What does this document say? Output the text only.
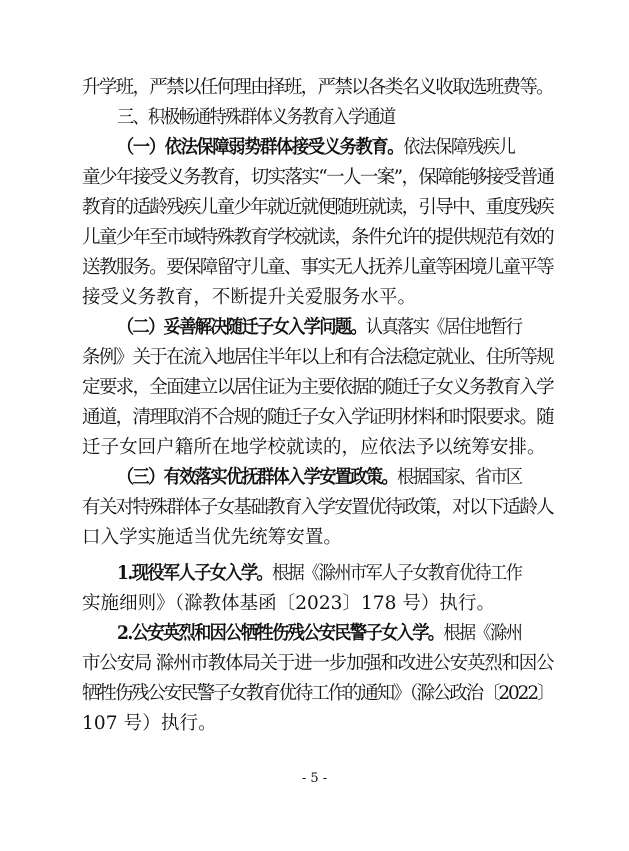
升学班，严禁以任何理由择班，严禁以各类名义收取选班费等。
三、积极畅通特殊群体义务教育入学通道
（一）依法保障弱势群体接受义务教育。依法保障残疾儿
童少年接受义务教育，切实落实“一人一案”，保障能够接受普通
教育的适龄残疾儿童少年就近就便随班就读，引导中、重度残疾
儿童少年至市域特殊教育学校就读，条件允许的提供规范有效的
送教服务。要保障留守儿童、事实无人抚养儿童等困境儿童平等
接受义务教育，不断提升关爱服务水平。
（二）妥善解决随迁子女入学问题。认真落实《居住地暂行
条例》关于在流入地居住半年以上和有合法稳定就业、住所等规
定要求，全面建立以居住证为主要依据的随迁子女义务教育入学
通道，清理取消不合规的随迁子女入学证明材料和时限要求。随
迁子女回户籍所在地学校就读的，应依法予以统筹安排。
（三）有效落实优抚群体入学安置政策。根据国家、省市区
有关对特殊群体子女基础教育入学安置优待政策，对以下适龄人
口入学实施适当优先统筹安置。
1.现役军人子女入学。根据《滁州市军人子女教育优待工作
实施细则》（滁教体基函〔2023〕178 号）执行。
2.公安英烈和因公牺牲伤残公安民警子女入学。根据《滁州
市公安局 滁州市教体局关于进一步加强和改进公安英烈和因公
牺牲伤残公安民警子女教育优待工作的通知》（滁公政治〔2022〕
107 号）执行。
- 5 -
